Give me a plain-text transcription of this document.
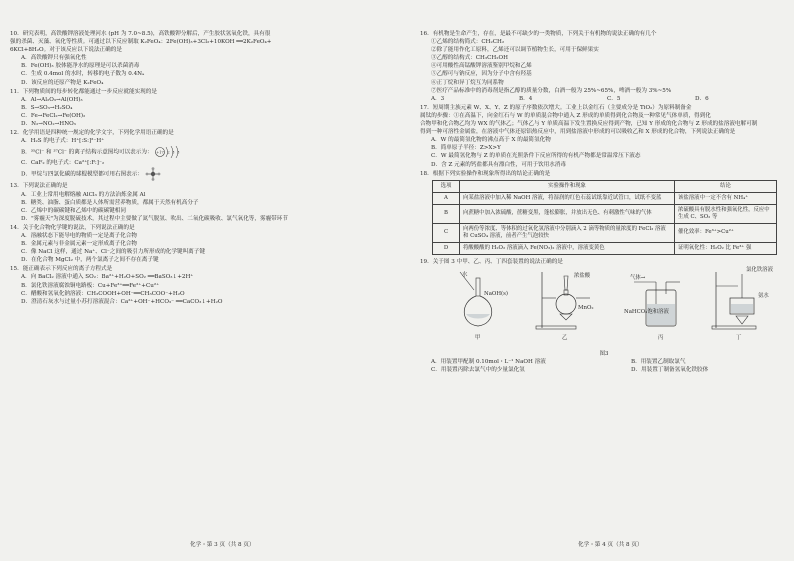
10．研究表明，高铁酸钾溶液处理河水 (pH 为 7.0~8.5)，高铁酸钾分解后，产生胶状氢氧化铁，具有很
强的杀菌、灭藻、氧化等性质。可通过以下反应制取 K₂FeO₄：2Fe(OH)₃+3Cl₂+10KOH ══2K₂FeO₄+
6KCl+8H₂O。对于该反应以下说法正确的是
A．高铁酸钾只有强氧化性
B．Fe(OH)₃ 胶体能净水的原理是可以杀菌消毒
C．生成 0.4mol 的水时，转移的电子数为 0.4Nₐ
D．该反应的还原产物是 K₂FeO₄
11．下列物质间的每步转化都能通过一步反应就能实现的是
A．Al→Al₂O₃→Al(OH)₃
B．S→SO₃→H₂SO₄
C．Fe→FeCl₂→Fe(OH)₂
D．N₂→NO₂→HNO₃
12．化学用语是四种统一规定的化学文字，下列化学用语正确的是
A．H₂S 的电子式：H⁺[:S:]²⁻H⁺
B．³⁵Cl⁻ 和 ³⁷Cl⁻ 的离子结构示意图均可以表示为： +17 2 8 8
C．CaF₂ 的电子式：Ca²⁺[:F:]⁻₂
D．甲烷与四氯化碳的球棍模型都可用右图表示：
13．下列说法正确的是
A．工业上常用电解熔融 AlCl₃ 的方法冶炼金属 Al
B．糖类、油脂、蛋白质都是人体所需营养物质，都属于天然有机高分子
C．乙烯中的碳碳键和乙烯中的碳碳键相同
D．"雾霾天"为深度脱硫技术，其过程中主要做了氮气脱氢、吹出、二氧化碳吸收、氯气氧化等，雾霾带环节
14．关于化合物化学键的说法，下列说法正确的是
A．溶融状态下能导电的物质一定是离子化合物
B．金属元素与非金属元素一定形成离子化合物
C．像 NaCl 这样，通过 Na⁺、Cl⁻之间的吸引力所形成的化学键叫离子键
D．在化合物 MgCl₂ 中，两个氯离子之间不存在离子键
15．能正确表示下列反应的离子方程式是
A．向 BaCl₂ 溶液中通入 SO₂：Ba²⁺+H₂O+SO₂ ══BaSO₃↓+2H⁺
B．氯化铁溶液腐蚀铜电路板：Cu+Fe³⁺══Fe²⁺+Cu²⁺
C．醋酸和氢氧化钠溶液：CH₃COOH+OH⁻══CH₃COO⁻+H₂O
D．澄清石灰水与过量小苏打溶液混合：Ca²⁺+OH⁻+HCO₃⁻ ══CaCO₃↓+H₂O
16．有机物是生命产生，存在，是最不可缺少的一类物质，下列关于有机物的说法正确的有几个
①乙烯的结构简式：CH₂CH₂
②除了能用作化工原料，乙烯还可以调节植物生长，可用于保鲜果实
③乙醇的结构式：CH₃CH₂OH
④可用酸性高锰酸钾溶液鉴别甲烷和乙烯
⑤乙醇可与钠反应，因为分子中含有羟基
⑥正丁烷和异丁烷互为同系物
⑦医疗产品标准中的消毒剂是指乙醇的质量分数，白酒一般为 25%~65%，啤酒一般为 3%~5%
A．3	B．4	C．5	D．6
17．短周期主族元素 W、X、Y、Z 的原子序数依次增大。工业上以金红石（主要成分是 TiO₂）为原料制备金
属钛的步骤：①在高温下，向金红石与 W 的单质混合物中通入 Z 形成的单质得到化合物及一种常见气体单质，得到化
合物甲和化合物乙均为 WX 的气体乙；气体乙与 Y 单质高温下发生置换反应得到产物，已知 Y 形成的化合物与 Z 形成的盐溶液电解可制
得到一种可溶性金属盐，在溶液中气体还原铝热反应中，用到盐溶液中形成的可以吸收乙和 X 形成的化合物，下列说法正确的是
A．W 的最简氢化物的沸点高于 X 的最简氢化物
B．简单原子半径：Z>X>Y
C．W 最简氢化物与 Z 的单质在光照条件下反应所得的有机产物都是常温常压下液态
D．含 Z 元素的钙盐都具有漂白性，可用于饮用水消毒
18．根据下列实验操作和现象所得出的结论正确的是
选项	实验操作和现象	结论
A	向某盐溶液中加入稀 NaOH 溶液，将湿润的红色石蕊试纸靠近试管口，试纸不变蓝	该盐溶液中一定不含有 NH₄⁺
B	向蔗糖中加入浓硫酸，蔗糖变黑，蓬松膨胀，并放出无色、有刺激性气味的气体	浓硫酸具有脱水性和强氧化性，反应中生成 C、SO₂ 等
C	向两份等浓度、等体积的过氧化氢溶液中分别滴入 2 滴等物质的量浓度的 FeCl₃ 溶液和 CuSO₄ 溶液，前者产生气泡较快	催化效率：Fe³⁺>Cu²⁺
D	将酸酸酸的 H₂O₂ 溶液滴入 Fe(NO₃)₂ 溶液中，溶液变黄色	证明氧化性：H₂O₂ 比 Fe³⁺ 强
19．关于图 3 中甲、乙、丙、丁四套装置的说法正确的是
水
NaOH(s)
甲
浓盐酸
MnO₂
乙
气体→
NaHCO₃饱和溶液
丙
氯化铁溶液
氨水
丁

图3

A．用装置甲配制 0.10mol・L⁻¹ NaOH 溶液	B．用装置乙制取氯气
C．用装置丙除去氯气中的少量氯化氢	D．用装置丁制备氢氧化铁胶体
化学・第 3 页（共 8 页）	化学・第 4 页（共 8 页）
